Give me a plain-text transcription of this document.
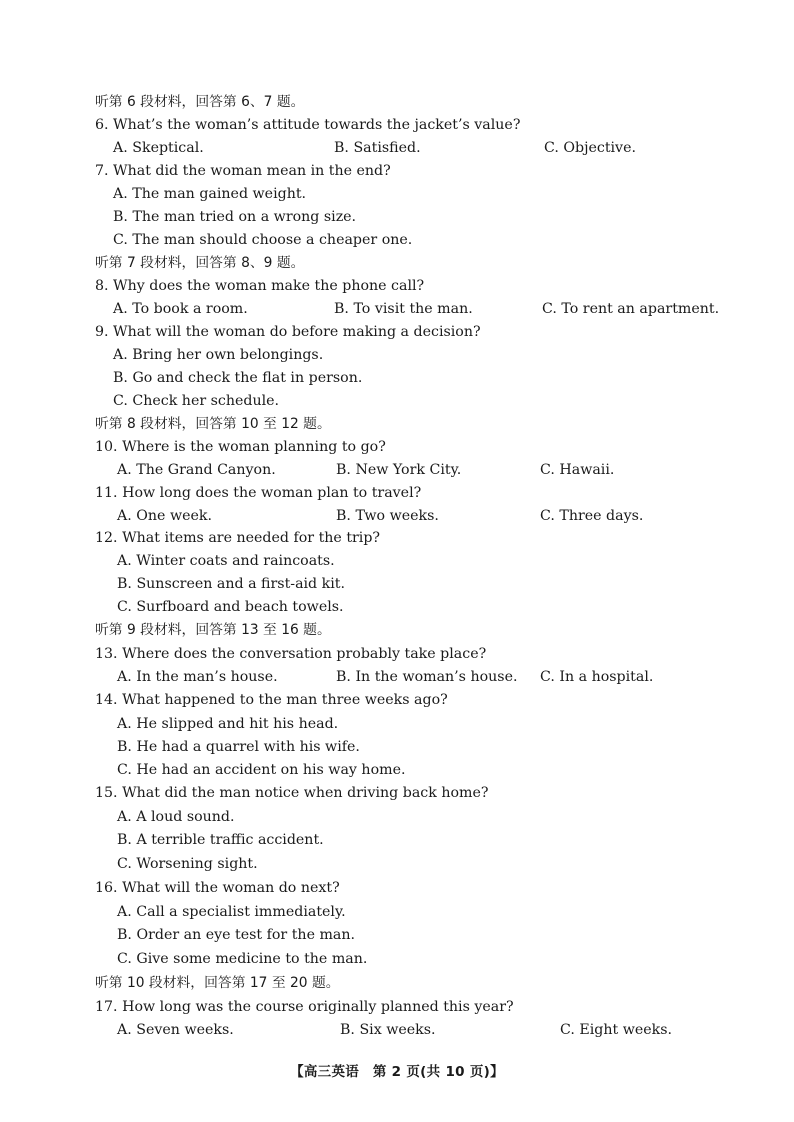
听第 6 段材料，回答第 6、7 题。
6. What’s the woman’s attitude towards the jacket’s value?
A. Skeptical.	B. Satisfied.	C. Objective.
7. What did the woman mean in the end?
A. The man gained weight.
B. The man tried on a wrong size.
C. The man should choose a cheaper one.
听第 7 段材料，回答第 8、9 题。
8. Why does the woman make the phone call?
A. To book a room.	B. To visit the man.	C. To rent an apartment.
9. What will the woman do before making a decision?
A. Bring her own belongings.
B. Go and check the flat in person.
C. Check her schedule.
听第 8 段材料，回答第 10 至 12 题。
10. Where is the woman planning to go?
A. The Grand Canyon.	B. New York City.	C. Hawaii.
11. How long does the woman plan to travel?
A. One week.	B. Two weeks.	C. Three days.
12. What items are needed for the trip?
A. Winter coats and raincoats.
B. Sunscreen and a first-aid kit.
C. Surfboard and beach towels.
听第 9 段材料，回答第 13 至 16 题。
13. Where does the conversation probably take place?
A. In the man’s house.	B. In the woman’s house. C. In a hospital.
14. What happened to the man three weeks ago?
A. He slipped and hit his head.
B. He had a quarrel with his wife.
C. He had an accident on his way home.
15. What did the man notice when driving back home?
A. A loud sound.
B. A terrible traffic accident.
C. Worsening sight.
16. What will the woman do next?
A. Call a specialist immediately.
B. Order an eye test for the man.
C. Give some medicine to the man.
听第 10 段材料，回答第 17 至 20 题。
17. How long was the course originally planned this year?
A. Seven weeks.	B. Six weeks.	C. Eight weeks.
【高三英语　第 2 页(共 10 页)】
